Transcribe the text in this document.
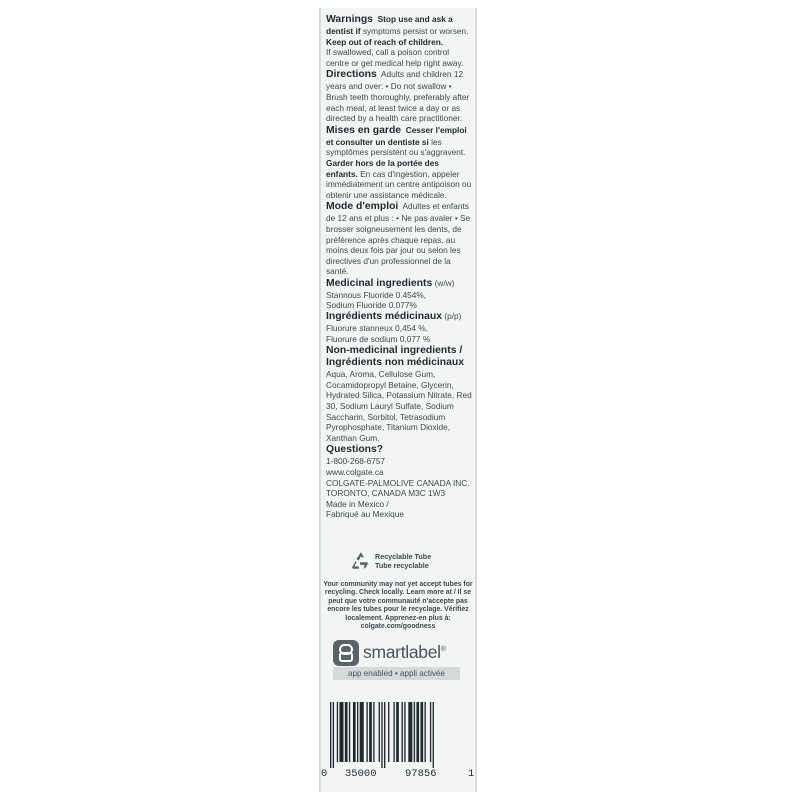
Warnings Stop use and ask a dentist if symptoms persist or worsen.

Keep out of reach of children.

If swallowed, call a poison control centre or get medical help right away.

Directions Adults and children 12 years and over: • Do not swallow • Brush teeth thoroughly, preferably after each meal, at least twice a day or as directed by a health care practitioner.

Mises en garde Cesser l'emploi et consulter un dentiste si les symptômes persistent ou s'aggravent.

Garder hors de la portée des enfants. En cas d'ingestion, appeler immédiatement un centre antipoison ou obtenir une assistance médicale.

Mode d'emploi Adultes et enfants de 12 ans et plus : • Ne pas avaler • Se brosser soigneusement les dents, de préférence après chaque repas, au moins deux fois par jour ou selon les directives d'un professionnel de la santé.

Medicinal ingredients (w/w)

Stannous Fluoride 0.454%,

Sodium Fluoride 0.077%

Ingrédients médicinaux (p/p)

Fluorure stanneux 0,454 %,

Fluorure de sodium 0,077 %

Non-medicinal ingredients /

Ingrédients non médicinaux

Aqua, Aroma, Cellulose Gum, Cocamidopropyl Betaine, Glycerin, Hydrated Silica, Potassium Nitrate, Red 30, Sodium Lauryl Sulfate, Sodium Saccharin, Sorbitol, Tetrasodium Pyrophosphate, Titanium Dioxide, Xanthan Gum.

Questions?

1-800-268-6757

www.colgate.ca

COLGATE-PALMOLIVE CANADA INC.

TORONTO, CANADA M3C 1W3

Made in Mexico /

Fabriqué au Mexique

Recyclable Tube
Tube recyclable
Your community may not yet accept tubes for recycling. Check locally. Learn more at / Il se peut que votre communauté n'accepte pas encore les tubes pour le recyclage. Vérifiez localement. Apprenez-en plus à: colgate.com/goodness
smartlabel®
app enabled • appli activée
0 35000	97856	1
